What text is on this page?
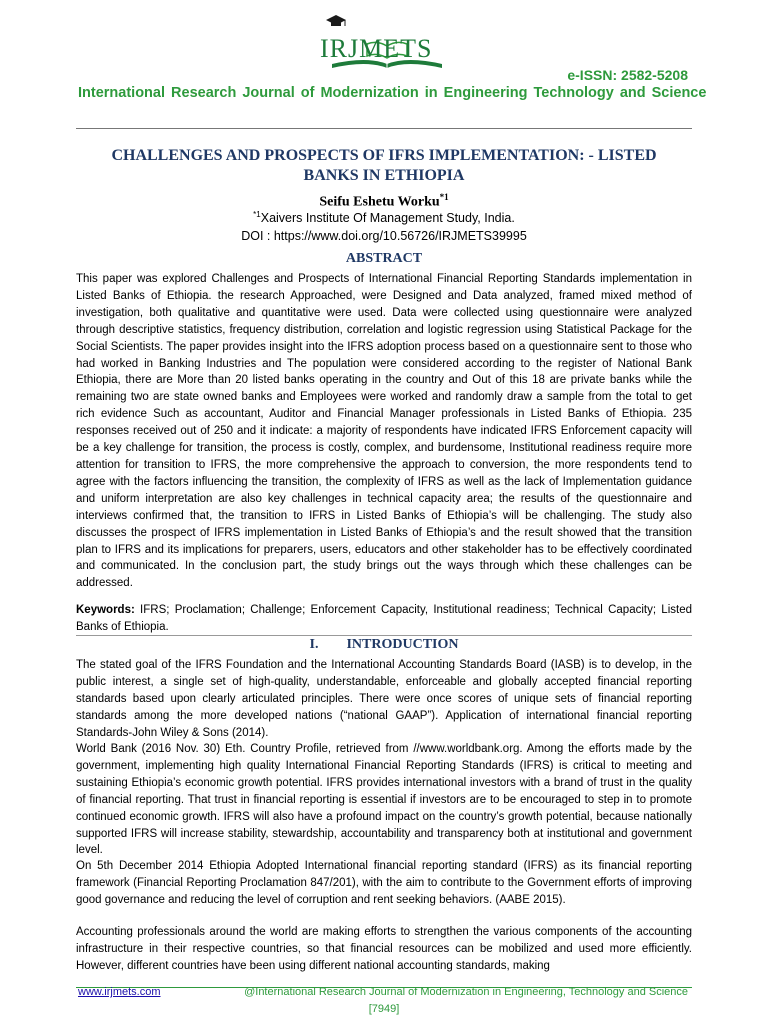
IRJMETS
e-ISSN: 2582-5208
International Research Journal of Modernization in Engineering Technology and Science
CHALLENGES AND PROSPECTS OF IFRS IMPLEMENTATION: - LISTED
BANKS IN ETHIOPIA
Seifu Eshetu Worku$^{*1}$
$^{*1}$Xaivers Institute Of Management Study, India.
DOI : https://www.doi.org/10.56726/IRJMETS39995
ABSTRACT
This paper was explored Challenges and Prospects of International Financial Reporting Standards implementation in Listed Banks of Ethiopia. the research Approached, were Designed and Data analyzed, framed mixed method of investigation, both qualitative and quantitative were used. Data were collected using questionnaire were analyzed through descriptive statistics, frequency distribution, correlation and logistic regression using Statistical Package for the Social Scientists. The paper provides insight into the IFRS adoption process based on a questionnaire sent to those who had worked in Banking Industries and The population were considered according to the register of National Bank Ethiopia, there are More than 20 listed banks operating in the country and Out of this 18 are private banks while the remaining two are state owned banks and Employees were worked and randomly draw a sample from the total to get rich evidence Such as accountant, Auditor and Financial Manager professionals in Listed Banks of Ethiopia. 235 responses received out of 250 and it indicate: a majority of respondents have indicated IFRS Enforcement capacity will be a key challenge for transition, the process is costly, complex, and burdensome, Institutional readiness require more attention for transition to IFRS, the more comprehensive the approach to conversion, the more respondents tend to agree with the factors influencing the transition, the complexity of IFRS as well as the lack of Implementation guidance and uniform interpretation are also key challenges in technical capacity area; the results of the questionnaire and interviews confirmed that, the transition to IFRS in Listed Banks of Ethiopia’s will be challenging. The study also discusses the prospect of IFRS implementation in Listed Banks of Ethiopia’s and the result showed that the transition plan to IFRS and its implications for preparers, users, educators and other stakeholder has to be effectively coordinated and communicated. In the conclusion part, the study brings out the ways through which these challenges can be addressed.
Keywords: IFRS; Proclamation; Challenge; Enforcement Capacity, Institutional readiness; Technical Capacity; Listed Banks of Ethiopia.
I. INTRODUCTION
The stated goal of the IFRS Foundation and the International Accounting Standards Board (IASB) is to develop, in the public interest, a single set of high-quality, understandable, enforceable and globally accepted financial reporting standards based upon clearly articulated principles. There were once scores of unique sets of financial reporting standards among the more developed nations (“national GAAP”). Application of international financial reporting Standards-John Wiley & Sons (2014).
World Bank (2016 Nov. 30) Eth. Country Profile, retrieved from //www.worldbank.org. Among the efforts made by the government, implementing high quality International Financial Reporting Standards (IFRS) is critical to meeting and sustaining Ethiopia’s economic growth potential. IFRS provides international investors with a brand of trust in the quality of financial reporting. That trust in financial reporting is essential if investors are to be encouraged to step in to promote continued economic growth. IFRS will also have a profound impact on the country’s growth potential, because nationally supported IFRS will increase stability, stewardship, accountability and transparency both at institutional and government level.
On 5th December 2014 Ethiopia Adopted International financial reporting standard (IFRS) as its financial reporting framework (Financial Reporting Proclamation 847/201), with the aim to contribute to the Government efforts of improving good governance and reducing the level of corruption and rent seeking behaviors. (AABE 2015).
Accounting professionals around the world are making efforts to strengthen the various components of the accounting infrastructure in their respective countries, so that financial resources can be mobilized and used more efficiently. However, different countries have been using different national accounting standards, making
www.irjmets.com	@International Research Journal of Modernization in Engineering, Technology and Science
[7949]
